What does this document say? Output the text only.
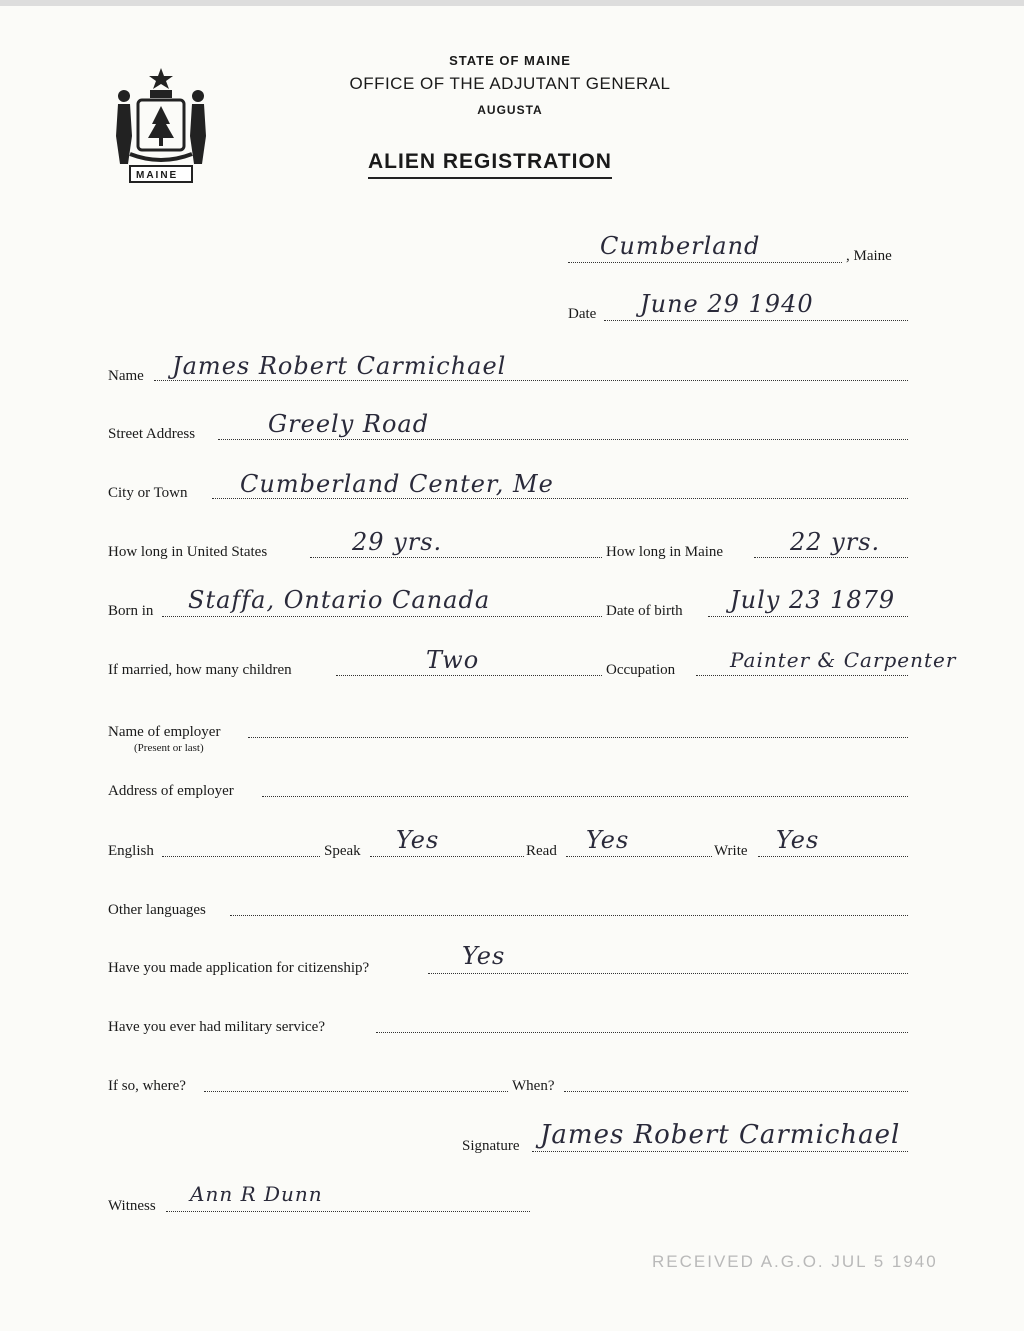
MAINE
STATE OF MAINE
OFFICE OF THE ADJUTANT GENERAL
AUGUSTA
ALIEN REGISTRATION
Cumberland	, Maine
Date June 29 1940
Name James Robert Carmichael
Street Address	Greely Road
City or Town Cumberland Center, Me
How long in United States	29 yrs.	How long in Maine	22 yrs.
Born in Staffa, Ontario Canada	Date of birth July 23 1879
If married, how many children	Two	Occupation	Painter & Carpenter
Name of employer
(Present or last)
Address of employer
English	Speak Yes	Read Yes	Write Yes
Other languages
Have you made application for citizenship?	Yes
Have you ever had military service?
If so, where?	When?
Signature James Robert Carmichael
Witness Ann R Dunn
RECEIVED A.G.O. JUL 5 1940
